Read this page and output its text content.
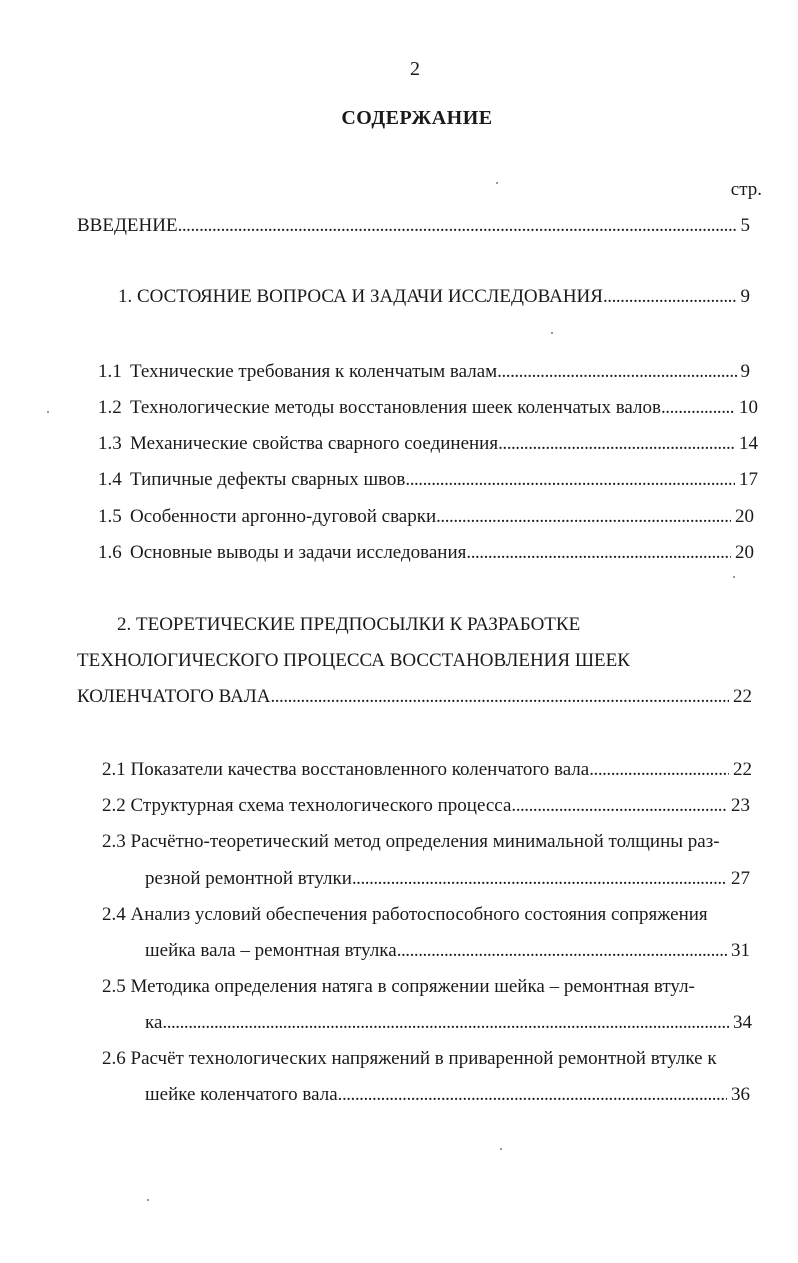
2
СОДЕРЖАНИЕ
стр.
ВВЕДЕНИЕ . . .	5
1. СОСТОЯНИЕ ВОПРОСА И ЗАДАЧИ ИССЛЕДОВАНИЯ . . .	9
1.1 Технические требования к коленчатым валам . . .	9
1.2 Технологические методы восстановления шеек коленчатых валов . . .	10
1.3 Механические свойства сварного соединения . . .	14
1.4 Типичные дефекты сварных швов . . .	17
1.5 Особенности аргонно-дуговой сварки . . .	20
1.6 Основные выводы и задачи исследования . . .	20
2. ТЕОРЕТИЧЕСКИЕ ПРЕДПОСЫЛКИ К РАЗРАБОТКЕ
ТЕХНОЛОГИЧЕСКОГО ПРОЦЕССА ВОССТАНОВЛЕНИЯ ШЕЕК
КОЛЕНЧАТОГО ВАЛА . . .	22
2.1 Показатели качества восстановленного коленчатого вала . . .	22
2.2 Структурная схема технологического процесса . . .	23
2.3 Расчётно-теоретический метод определения минимальной толщины раз-
резной ремонтной втулки . . .	27
2.4 Анализ условий обеспечения работоспособного состояния сопряжения
шейка вала – ремонтная втулка . . .	31
2.5 Методика определения натяга в сопряжении шейка – ремонтная втул-
ка . . .	34
2.6 Расчёт технологических напряжений в приваренной ремонтной втулке к
шейке коленчатого вала . . .	36
